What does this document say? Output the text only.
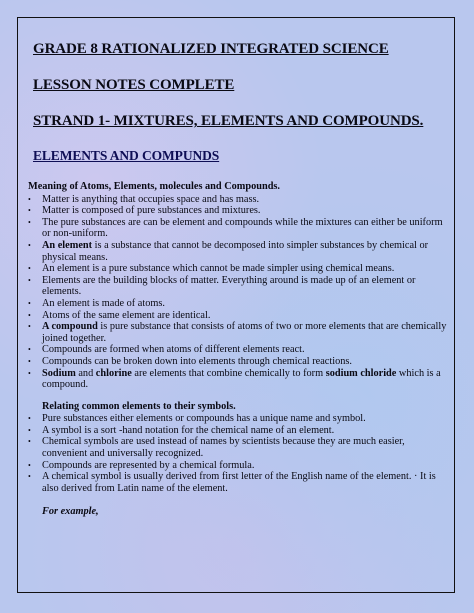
GRADE 8 RATIONALIZED INTEGRATED SCIENCE
LESSON NOTES COMPLETE
STRAND 1- MIXTURES, ELEMENTS AND COMPOUNDS.
ELEMENTS AND COMPUNDS
Meaning of Atoms, Elements, molecules and Compounds.
• Matter is anything that occupies space and has mass.
• Matter is composed of pure substances and mixtures.
• The pure substances are can be element and compounds while the mixtures can either be uniform or non-uniform.
• An element is a substance that cannot be decomposed into simpler substances by chemical or physical means.
• An element is a pure substance which cannot be made simpler using chemical means.
• Elements are the building blocks of matter. Everything around is made up of an element or elements.
• An element is made of atoms.
• Atoms of the same element are identical.
• A compound is pure substance that consists of atoms of two or more elements that are chemically joined together.
• Compounds are formed when atoms of different elements react.
• Compounds can be broken down into elements through chemical reactions.
• Sodium and chlorine are elements that combine chemically to form sodium chloride which is a compound.
Relating common elements to their symbols.
• Pure substances either elements or compounds has a unique name and symbol.
• A symbol is a sort -hand notation for the chemical name of an element.
• Chemical symbols are used instead of names by scientists because they are much easier, convenient and universally recognized.
• Compounds are represented by a chemical formula.
• A chemical symbol is usually derived from first letter of the English name of the element. · It is also derived from Latin name of the element.
For example,
